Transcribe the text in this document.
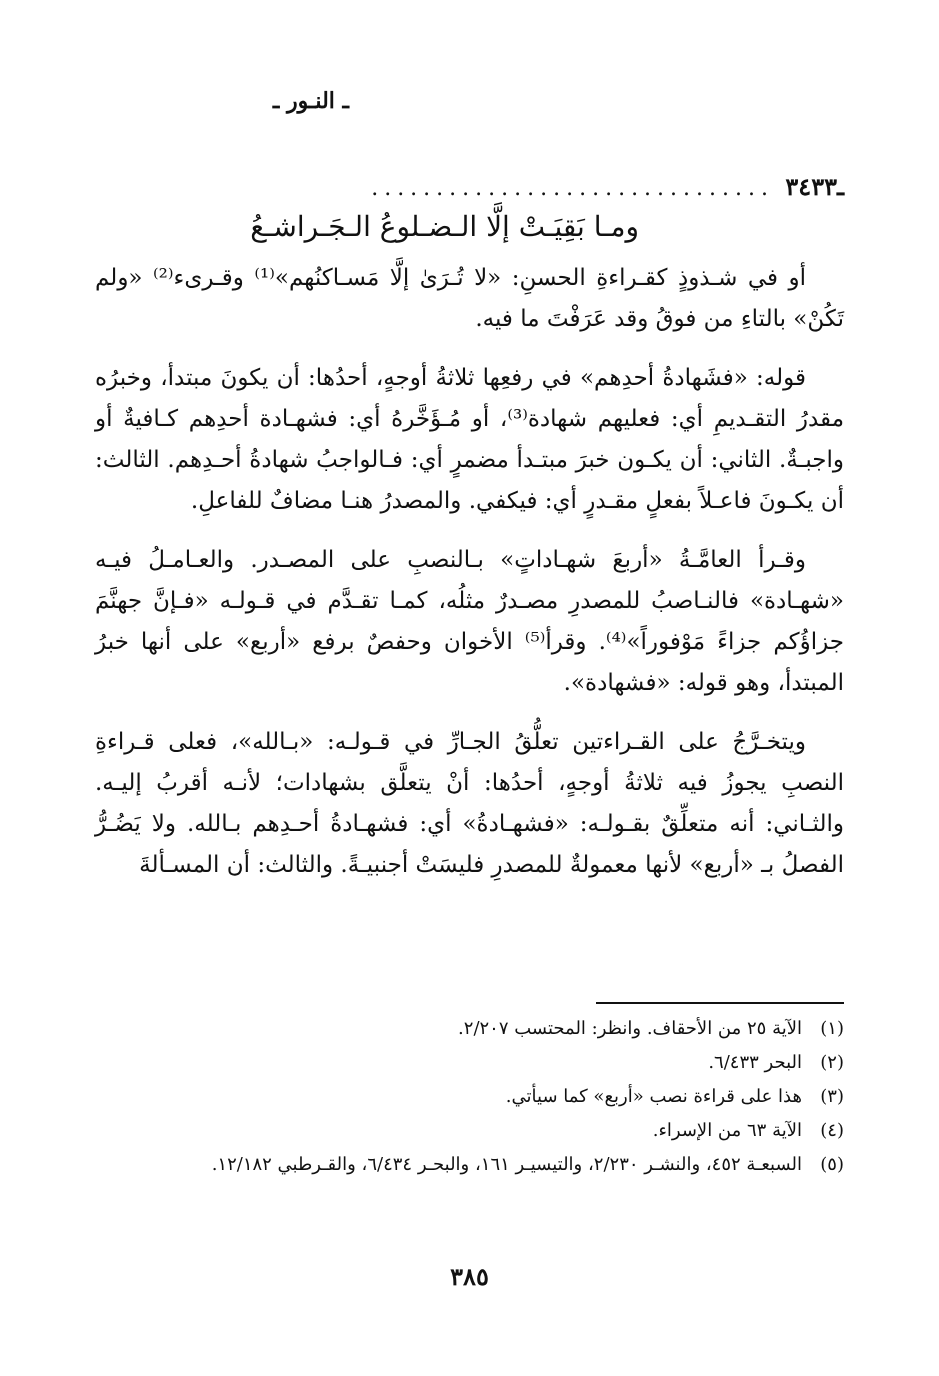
ـ النـور ـ
ـ٣٤٣٣
...............................
ومـا بَقِيَـتْ إلَّا الـضـلوعُ الـجَـراشـعُ

أو في شـذوذٍ كقـراءةِ الحسنِ: «لا تُـرَىٰ إلَّا مَسـاكنُهم»⁽¹⁾ وقـرىء⁽²⁾ «ولم تَكُنْ» بالتاءِ من فوقُ وقد عَرَفْتَ ما فيه.

قوله: «فشَهادةُ أحدِهم» في رفعِها ثلاثةُ أوجهٍ، أحدُها: أن يكونَ مبتدأ، وخبرُه مقدرُ التقـديمِ أي: فعليهم شهادة⁽³⁾، أو مُـؤَخَّرهُ أي: فشهـادة أحدِهم كـافيةٌ أو واجبـةٌ. الثاني: أن يكـون خبرَ مبتـدأ مضمرٍ أي: فـالواجبُ شهادةُ أحـدِهم. الثالث: أن يكـونَ فاعـلاً بفعلٍ مقـدرٍ أي: فيكفي. والمصدرُ هنـا مضافٌ للفاعلِ.

وقـرأ العامَّـةُ «أربعَ شهـاداتٍ» بـالنصبِ على المصـدر. والعـامـلُ فيـه «شهـادة» فالنـاصبُ للمصدرِ مصـدرٌ مثلُه، كمـا تقـدَّم في قـولـه «فـإنَّ جهنَّمَ جزاؤُكم جزاءً مَوْفوراً»⁽⁴⁾. وقرأ⁽⁵⁾ الأخوان وحفصٌ برفع «أربع» على أنها خبرُ المبتدأ، وهو قوله: «فشهادة».

ويتخـرَّجُ على القـراءتين تعلُّقُ الجـارِّ في قـولـه: «بـالله»، فعلى قـراءةِ النصبِ يجوزُ فيه ثلاثةُ أوجهٍ، أحدُها: أنْ يتعلَّق بشهادات؛ لأنـه أقربُ إليـه. والثـاني: أنه متعلِّقٌ بقـولـه: «فشهـادةُ» أي: فشهـادةُ أحـدِهم بـالله. ولا يَضُـرُّ الفصلُ بـ «أربع» لأنها معمولةٌ للمصدرِ فليسَتْ أجنبيـةً. والثالث: أن المسـألةَ

(١)
الآية ٢٥ من الأحقاف. وانظر: المحتسب ٢/٢٠٧.
(٢)
البحر ٦/٤٣٣.
(٣)
هذا على قراءة نصب «أربع» كما سيأتي.
(٤)
الآية ٦٣ من الإسراء.
(٥)
السبعـة ٤٥٢، والنشـر ٢/٢٣٠، والتيسيـر ١٦١، والبحـر ٦/٤٣٤، والقـرطبي ١٢/١٨٢.
٣٨٥
